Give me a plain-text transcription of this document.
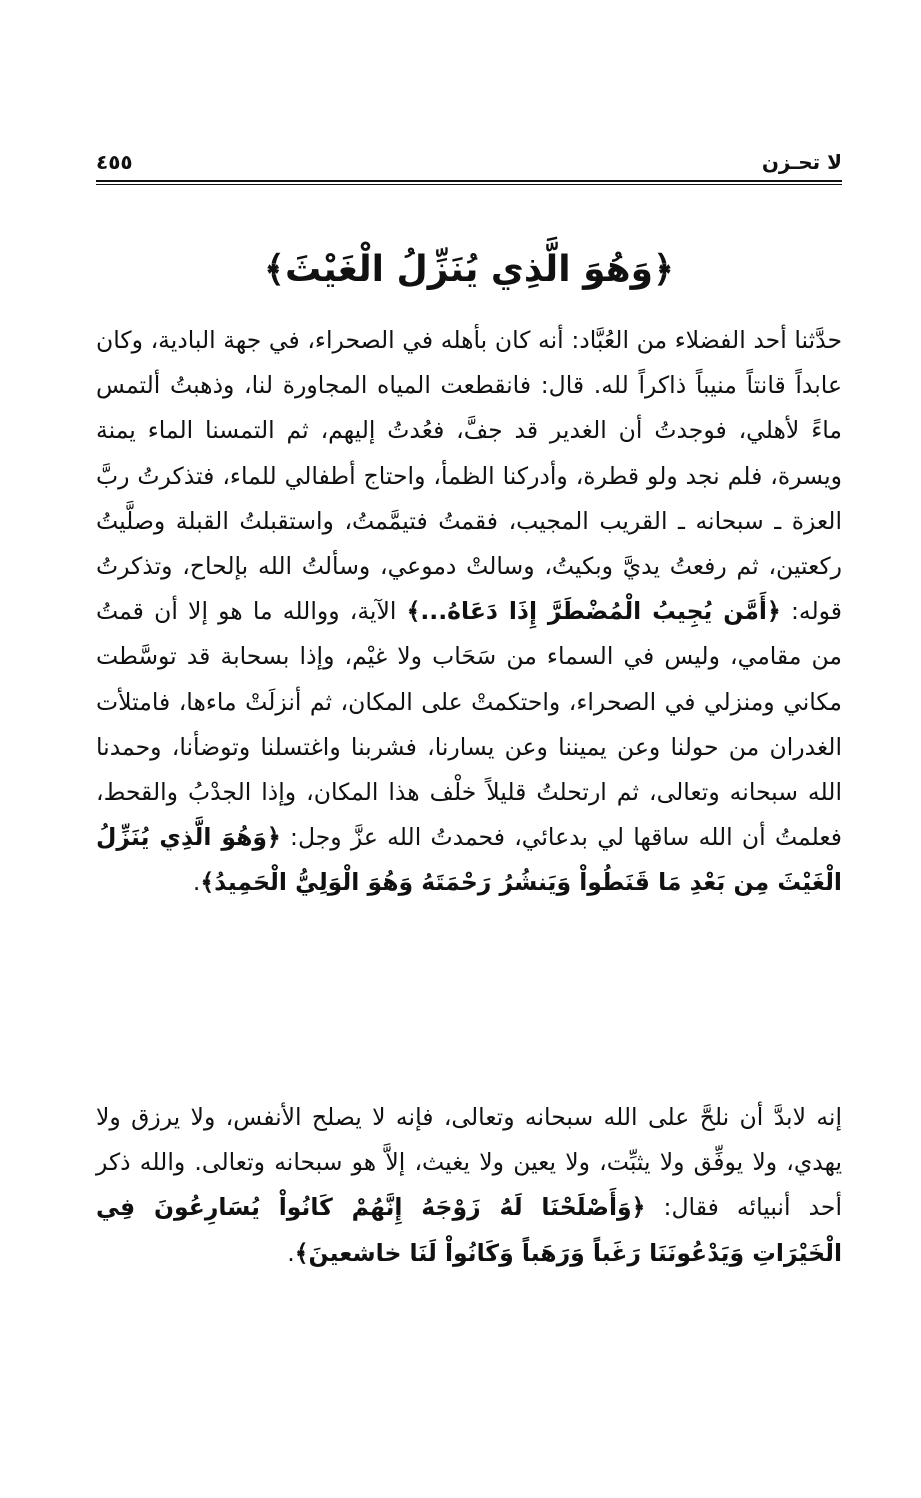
لا تحـزن
٤٥٥
﴿وَهُوَ الَّذِي يُنَزِّلُ الْغَيْثَ﴾

حدَّثنا أحد الفضلاء من العُبَّاد: أنه كان بأهله في الصحراء، في جهة البادية، وكان عابداً قانتاً منيباً ذاكراً لله. قال: فانقطعت المياه المجاورة لنا، وذهبتُ ألتمس ماءً لأهلي، فوجدتُ أن الغدير قد جفَّ، فعُدتُ إليهم، ثم التمسنا الماء يمنة ويسرة، فلم نجد ولو قطرة، وأدركنا الظمأ، واحتاج أطفالي للماء، فتذكرتُ ربَّ العزة ـ سبحانه ـ القريب المجيب، فقمتُ فتيمَّمتُ، واستقبلتُ القبلة وصلَّيتُ ركعتين، ثم رفعتُ يديَّ وبكيتُ، وسالتْ دموعي، وسألتُ الله بإلحاح، وتذكرتُ قوله: ﴿أَمَّن يُجِيبُ الْمُضْطَرَّ إِذَا دَعَاهُ...﴾ الآية، ووالله ما هو إلا أن قمتُ من مقامي، وليس في السماء من سَحَاب ولا غيْم، وإذا بسحابة قد توسَّطت مكاني ومنزلي في الصحراء، واحتكمتْ على المكان، ثم أنزلَتْ ماءها، فامتلأت الغدران من حولنا وعن يميننا وعن يسارنا، فشربنا واغتسلنا وتوضأنا، وحمدنا الله سبحانه وتعالى، ثم ارتحلتُ قليلاً خلْف هذا المكان، وإذا الجدْبُ والقحط، فعلمتُ أن الله ساقها لي بدعائي، فحمدتُ الله عزَّ وجل: ﴿وَهُوَ الَّذِي يُنَزِّلُ الْغَيْثَ مِن بَعْدِ مَا قَنَطُواْ وَيَنشُرُ رَحْمَتَهُ وَهُوَ الْوَلِيُّ الْحَمِيدُ﴾.

إنه لابدَّ أن نلحَّ على الله سبحانه وتعالى، فإنه لا يصلح الأنفس، ولا يرزق ولا يهدي، ولا يوفِّق ولا يثبِّت، ولا يعين ولا يغيث، إلاَّ هو سبحانه وتعالى. والله ذكر أحد أنبيائه فقال: ﴿وَأَصْلَحْنَا لَهُ زَوْجَهُ إِنَّهُمْ كَانُواْ يُسَارِعُونَ فِي الْخَيْرَاتِ وَيَدْعُونَنَا رَغَباً وَرَهَباً وَكَانُواْ لَنَا خاشعينَ﴾.
